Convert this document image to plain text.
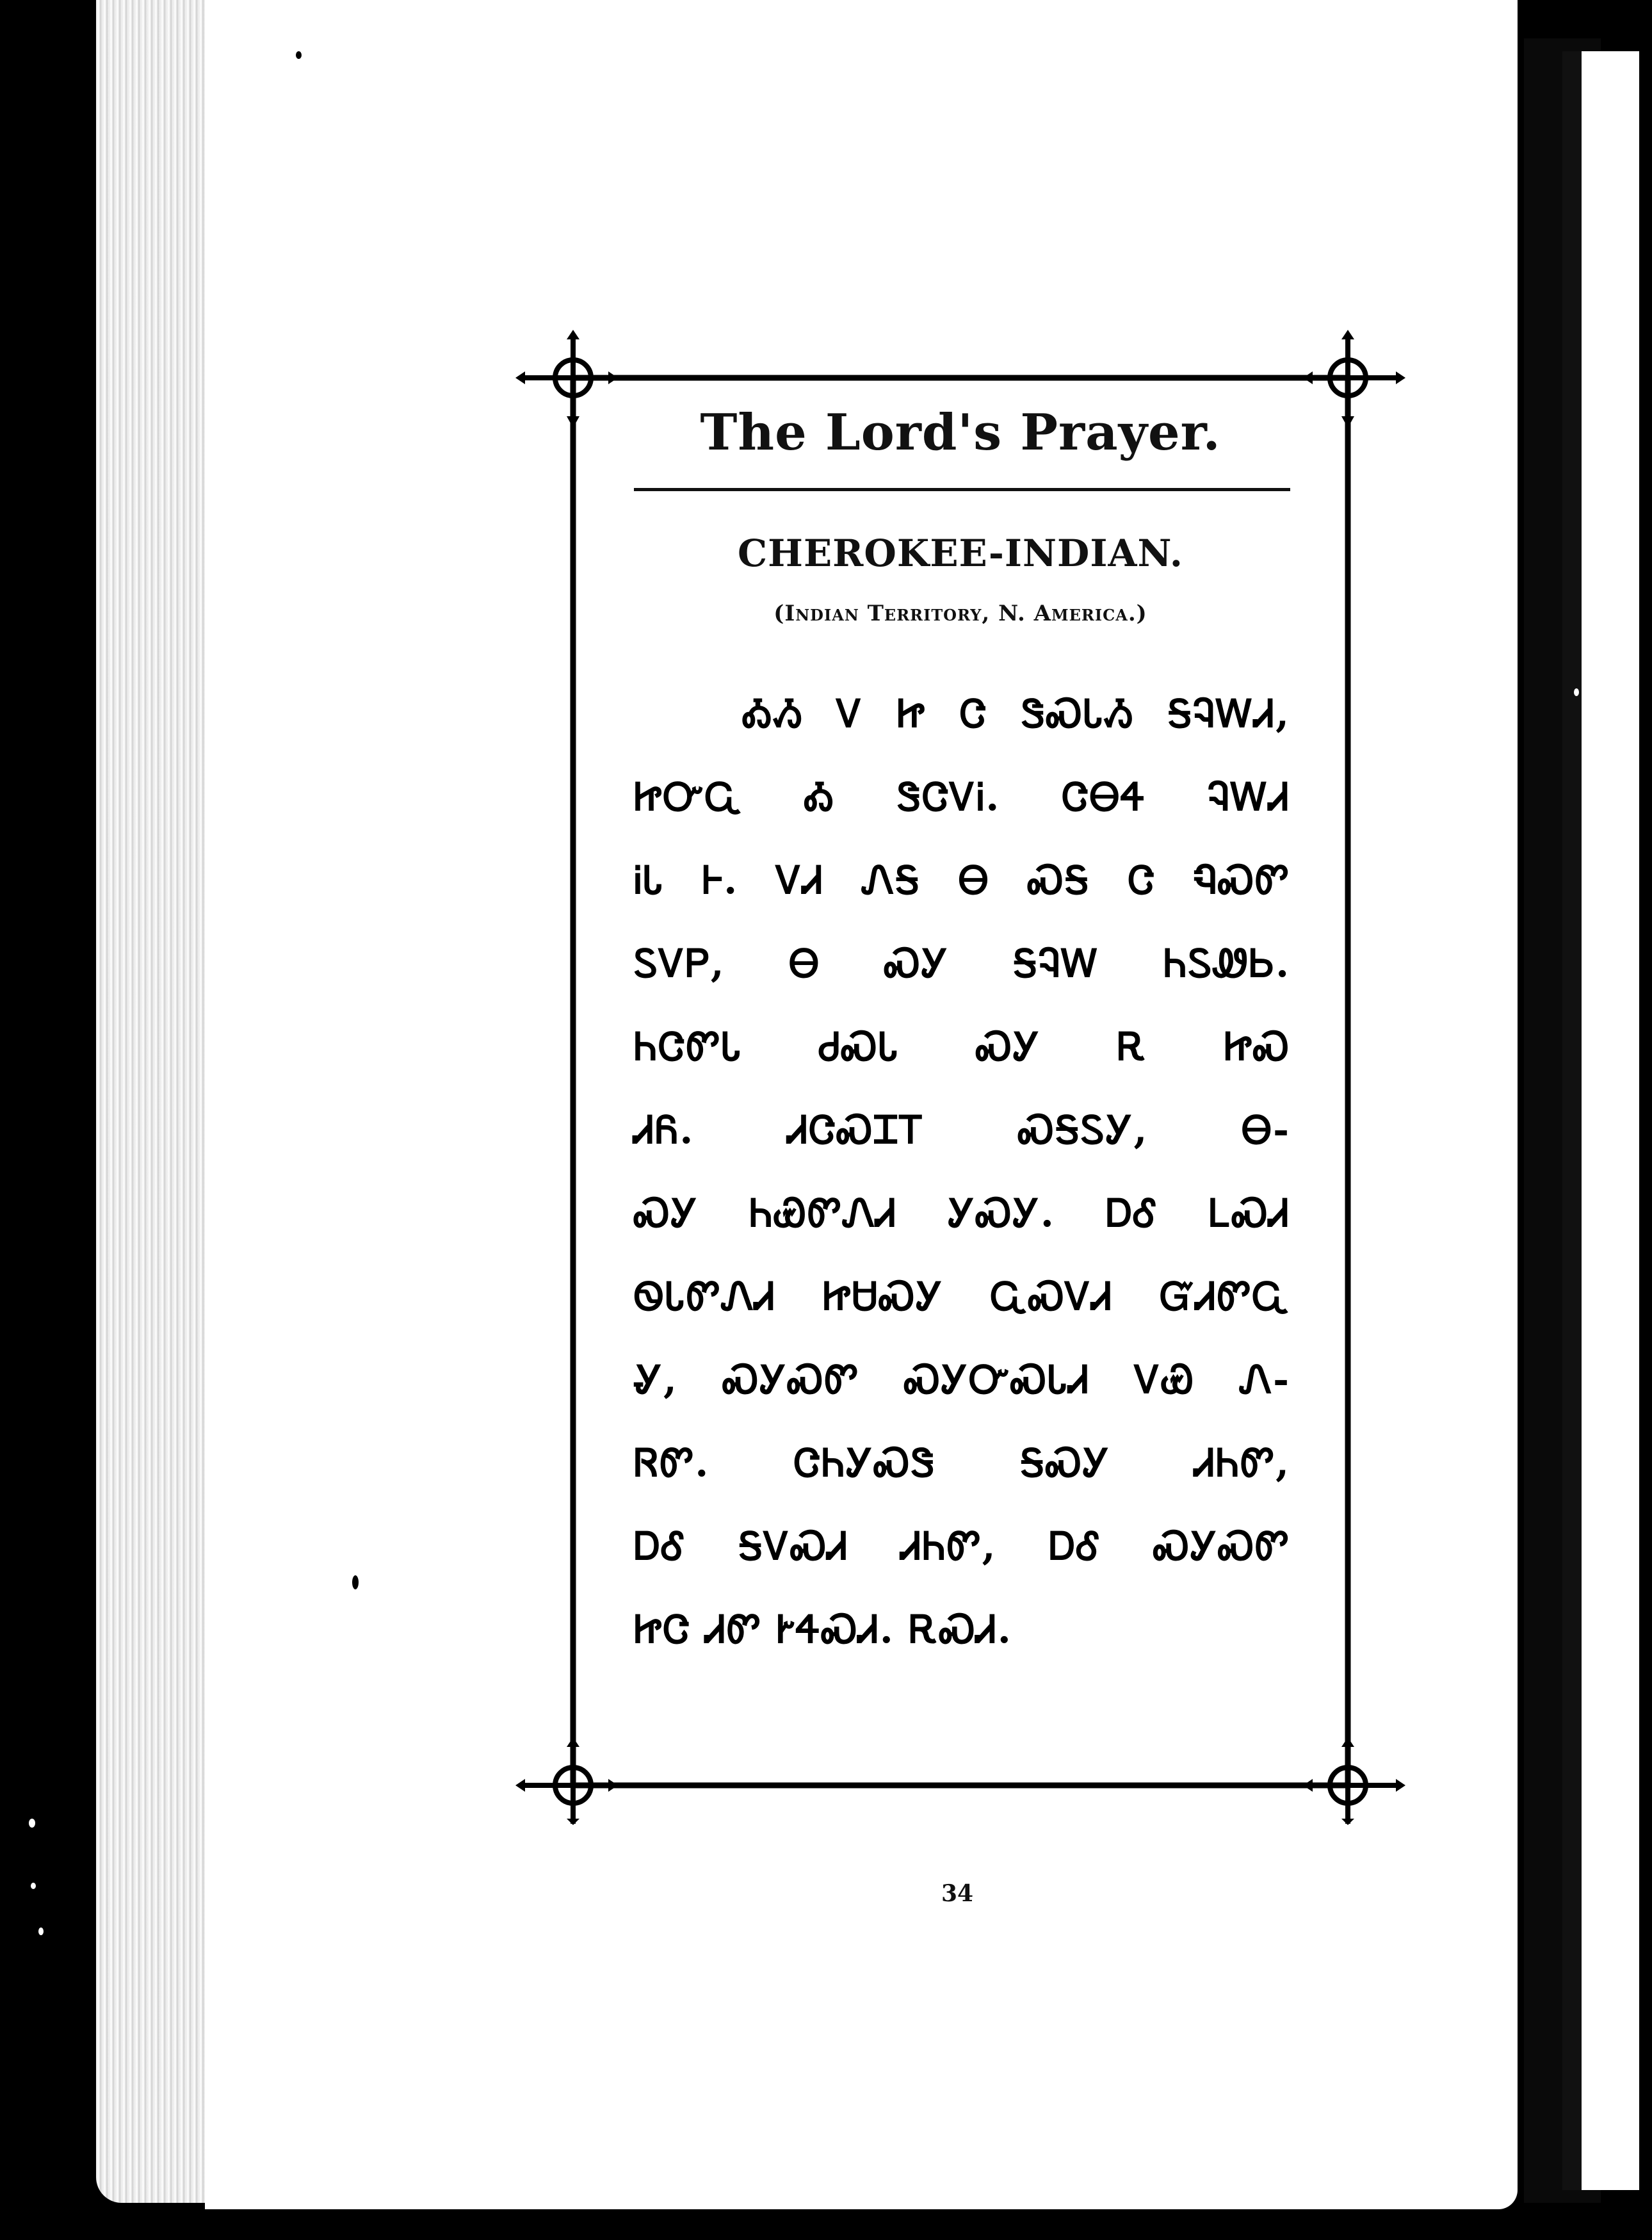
The Lord's Prayer.
CHEROKEE-INDIAN.
(Indian Territory, N. America.)
ᎣᏱ Ꮩ Ꮵ Ꮳ ᏕᏍᏓᏱ ᎦᎸᎳᏗ,
ᏥᏅᏩ Ꭳ ᏕᏣᏙᎥ. ᏣᎾᏎ ᎸᎳᏗ
ᎥᏓ Ꮀ. ᏙᏗ ᏁᎦ Ꮎ ᏍᎦ Ꮳ ᏄᏍᏛ
ᏚᏙᏢ, Ꮎ ᏍᎩ ᎦᎸᎳ ᏂᏚᏪᏏ.
ᏂᏣᏛᏓ ᏧᏍᏓ ᏍᎩ Ꭱ ᏥᏍ
ᏗᏲ. ᏗᏣᏍᏆᎢ ᏍᎦᏚᎩ, Ꮎ-
ᏍᎩ ᏂᏯᏛᏁᏗ ᎩᏍᎩ. ᎠᎴ ᏞᏍᏗ
ᏫᏓᏛᏁᏗ ᏥᏌᏍᎩ ᏩᏍᏙᏗ ᏳᏗᏛᏩ
Ꮍ, ᏍᎩᏍᏛ ᏍᎩᏅᏍᏓᏗ ᏙᏯ Ꮑ-
ᏒᏛ. ᏣᏂᎩᏍᏕ ᎦᏍᎩ ᏗᏂᏛ,
ᎠᎴ ᎦᏙᏍᏗ ᏗᏂᏛ, ᎠᎴ ᏍᎩᏍᏛ
ᏥᏣ ᏗᏛ ᎨᏎᏍᏗ. ᎡᏍᏗ.
34
